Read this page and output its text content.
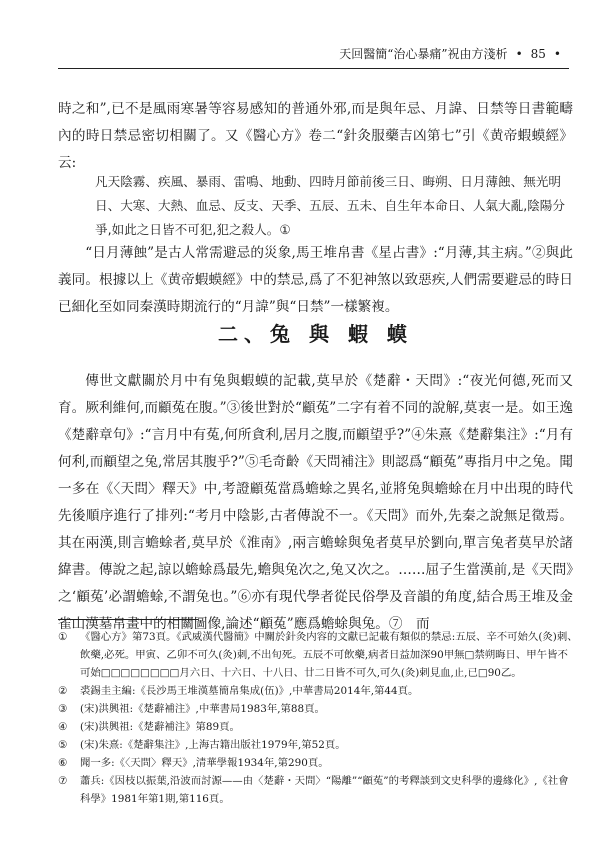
天回醫簡“治心暴痛”祝由方淺析 • 85 •

時之和”,已不是風雨寒暑等容易感知的普通外邪,而是與年忌、月諱、日禁等日書範疇內的時日禁忌密切相關了。又《醫心方》卷二“針灸服藥吉凶第七”引《黄帝蝦蟆經》云:

凡天陰霧、疾風、暴雨、雷鳴、地動、四時月節前後三日、晦朔、日月薄蝕、無光明日、大寒、大熱、血忌、反支、天季、五辰、五未、自生年本命日、人氣大亂,陰陽分爭,如此之日皆不可犯,犯之殺人。①

“日月薄蝕”是古人常需避忌的災象,馬王堆帛書《星占書》:“月薄,其主病。”②與此義同。根據以上《黄帝蝦蟆經》中的禁忌,爲了不犯神煞以致惡疾,人們需要避忌的時日已細化至如同秦漢時期流行的“月諱”與“日禁”一樣繁複。

二、兔 與 蝦 蟆

傳世文獻關於月中有兔與蝦蟆的記載,莫早於《楚辭・天問》:“夜光何德,死而又育。厥利維何,而顧菟在腹。”③後世對於“顧菟”二字有着不同的說解,莫衷一是。如王逸《楚辭章句》:“言月中有菟,何所貪利,居月之腹,而顧望乎?”④朱熹《楚辭集注》:“月有何利,而顧望之兔,常居其腹乎?”⑤毛奇齡《天問補注》則認爲“顧菟”專指月中之兔。聞一多在《〈天問〉釋天》中,考證顧菟當爲蟾蜍之異名,並將兔與蟾蜍在月中出現的時代先後順序進行了排列:“考月中陰影,古者傳說不一。《天問》而外,先秦之說無足徵焉。其在兩漢,則言蟾蜍者,莫早於《淮南》,兩言蟾蜍與兔者莫早於劉向,單言兔者莫早於諸緯書。傳說之起,諒以蟾蜍爲最先,蟾與兔次之,兔又次之。……屈子生當漢前,是《天問》之‘顧菟’必謂蟾蜍,不謂兔也。”⑥亦有現代學者從民俗學及音韻的角度,結合馬王堆及金雀山漢墓帛畫中的相關圖像,論述“顧菟”應爲蟾蜍與兔。⑦　而

①	《醫心方》第73頁。《武威漢代醫簡》中關於針灸内容的文獻已記載有類似的禁忌:五辰、辛不可始久(灸)刺、飲藥,必死。甲寅、乙卯不可久(灸)刺,不出旬死。五辰不可飲藥,病者日益加深90甲無□禁朔晦日、甲午皆不可始□□□□□□□□月六日、十六日、十八日、廿二日皆不可久,可久(灸)剌見血,止,已□90乙。
②	裘錫圭主編:《長沙馬王堆漢墓簡帛集成(伍)》,中華書局2014年,第44頁。
③	(宋)洪興祖:《楚辭補注》,中華書局1983年,第88頁。
④	(宋)洪興祖:《楚辭補注》第89頁。
⑤	(宋)朱熹:《楚辭集注》,上海古籍出版社1979年,第52頁。
⑥	聞一多:《〈天問〉釋天》,清華學報1934年,第290頁。
⑦	蕭兵:《因枝以振葉,沿波而討源——由〈楚辭・天問〉“陽離”“顧菟”的考釋談到文史科學的邊緣化》,《社會科學》1981年第1期,第116頁。
